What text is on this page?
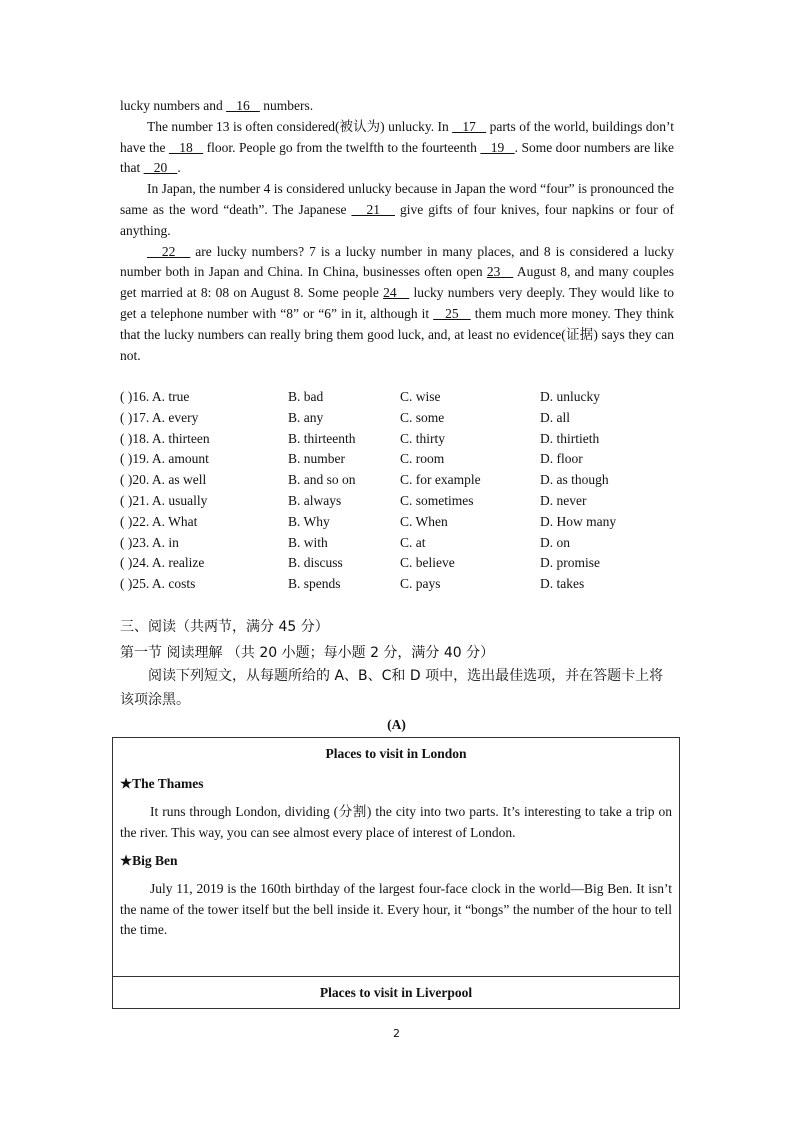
lucky numbers and    16    numbers.

The number 13 is often considered(被认为) unlucky. In    17    parts of the world, buildings don’t have the    18    floor. People go from the twelfth to the fourteenth    19   . Some door numbers are like that    20   .

In Japan, the number 4 is considered unlucky because in Japan the word “four” is pronounced the same as the word “death”. The Japanese    21    give gifts of four knives, four napkins or four of anything.

22    are lucky numbers? 7 is a lucky number in many places, and 8 is considered a lucky number both in Japan and China. In China, businesses often open 23    August 8, and many couples get married at 8: 08 on August 8. Some people 24    lucky numbers very deeply. They would like to get a telephone number with “8” or “6” in it, although it    25    them much more money. They think that the lucky numbers can really bring them good luck, and, at least no evidence(证据) says they can not.

( )16. A. true	B. bad	C. wise	D. unlucky
( )17. A. every	B. any	C. some	D. all
( )18. A. thirteen	B. thirteenth	C. thirty	D. thirtieth
( )19. A. amount	B. number	C. room	D. floor
( )20. A. as well	B. and so on	C. for example	D. as though
( )21. A. usually	B. always	C. sometimes	D. never
( )22. A. What	B. Why	C. When	D. How many
( )23. A. in	B. with	C. at	D. on
( )24. A. realize	B. discuss	C. believe	D. promise
( )25. A. costs	B. spends	C. pays	D. takes
三、阅读（共两节，满分 45 分）
第一节 阅读理解 （共 20 小题；每小题 2 分，满分 40 分）

阅读下列短文，从每题所给的 A、B、C和 D 项中，选出最佳选项，并在答题卡上将该项涂黑。

(A)
Places to visit in London

★The Thames

It runs through London, dividing (分割) the city into two parts. It’s interesting to take a trip on the river. This way, you can see almost every place of interest of London.

★Big Ben

July 11, 2019 is the 160th birthday of the largest four-face clock in the world—Big Ben. It isn’t the name of the tower itself but the bell inside it. Every hour, it “bongs” the number of the hour to tell the time.

Places to visit in Liverpool
2
